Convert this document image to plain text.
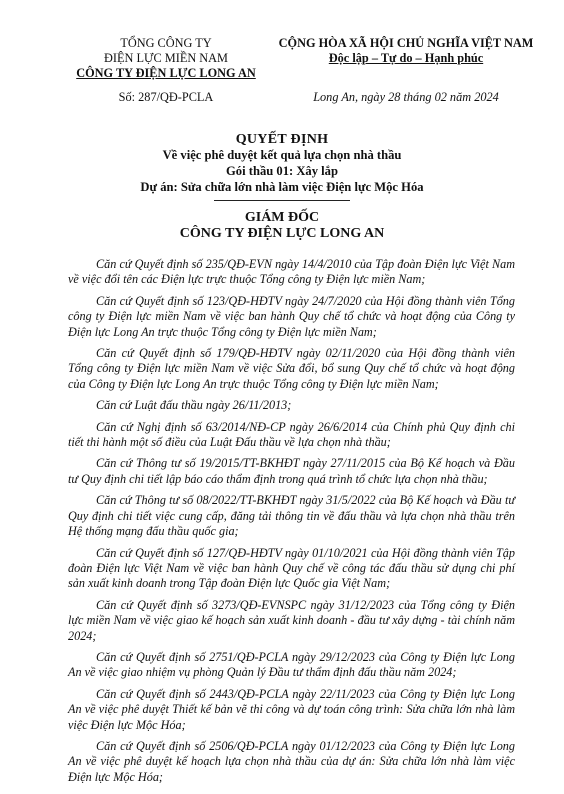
TỔNG CÔNG TY
ĐIỆN LỰC MIỀN NAM
CÔNG TY ĐIỆN LỰC LONG AN
CỘNG HÒA XÃ HỘI CHỦ NGHĨA VIỆT NAM
Độc lập – Tự do – Hạnh phúc
Số: 287/QĐ-PCLA	Long An, ngày 28 tháng 02 năm 2024
QUYẾT ĐỊNH
Về việc phê duyệt kết quả lựa chọn nhà thầu
Gói thầu 01: Xây lắp
Dự án: Sửa chữa lớn nhà làm việc Điện lực Mộc Hóa
GIÁM ĐỐC
CÔNG TY ĐIỆN LỰC LONG AN

Căn cứ Quyết định số 235/QĐ-EVN ngày 14/4/2010 của Tập đoàn Điện lực Việt Nam về việc đổi tên các Điện lực trực thuộc Tổng công ty Điện lực miền Nam;

Căn cứ Quyết định số 123/QĐ-HĐTV ngày 24/7/2020 của Hội đồng thành viên Tổng công ty Điện lực miền Nam về việc ban hành Quy chế tổ chức và hoạt động của Công ty Điện lực Long An trực thuộc Tổng công ty Điện lực miền Nam;

Căn cứ Quyết định số 179/QĐ-HĐTV ngày 02/11/2020 của Hội đồng thành viên Tổng công ty Điện lực miền Nam về việc Sửa đổi, bổ sung Quy chế tổ chức và hoạt động của Công ty Điện lực Long An trực thuộc Tổng công ty Điện lực miền Nam;

Căn cứ Luật đấu thầu ngày 26/11/2013;

Căn cứ Nghị định số 63/2014/NĐ-CP ngày 26/6/2014 của Chính phủ Quy định chi tiết thi hành một số điều của Luật Đấu thầu về lựa chọn nhà thầu;

Căn cứ Thông tư số 19/2015/TT-BKHĐT ngày 27/11/2015 của Bộ Kế hoạch và Đầu tư Quy định chi tiết lập báo cáo thẩm định trong quá trình tổ chức lựa chọn nhà thầu;

Căn cứ Thông tư số 08/2022/TT-BKHĐT ngày 31/5/2022 của Bộ Kế hoạch và Đầu tư Quy định chi tiết việc cung cấp, đăng tải thông tin về đấu thầu và lựa chọn nhà thầu trên Hệ thống mạng đấu thầu quốc gia;

Căn cứ Quyết định số 127/QĐ-HĐTV ngày 01/10/2021 của Hội đồng thành viên Tập đoàn Điện lực Việt Nam về việc ban hành Quy chế về công tác đấu thầu sử dụng chi phí sản xuất kinh doanh trong Tập đoàn Điện lực Quốc gia Việt Nam;

Căn cứ Quyết định số 3273/QĐ-EVNSPC ngày 31/12/2023 của Tổng công ty Điện lực miền Nam về việc giao kế hoạch sản xuất kinh doanh - đầu tư xây dựng - tài chính năm 2024;

Căn cứ Quyết định số 2751/QĐ-PCLA ngày 29/12/2023 của Công ty Điện lực Long An về việc giao nhiệm vụ phòng Quản lý Đầu tư thẩm định đấu thầu năm 2024;

Căn cứ Quyết định số 2443/QĐ-PCLA ngày 22/11/2023 của Công ty Điện lực Long An về việc phê duyệt Thiết kế bản vẽ thi công và dự toán công trình: Sửa chữa lớn nhà làm việc Điện lực Mộc Hóa;

Căn cứ Quyết định số 2506/QĐ-PCLA ngày 01/12/2023 của Công ty Điện lực Long An về việc phê duyệt kế hoạch lựa chọn nhà thầu của dự án: Sửa chữa lớn nhà làm việc Điện lực Mộc Hóa;
